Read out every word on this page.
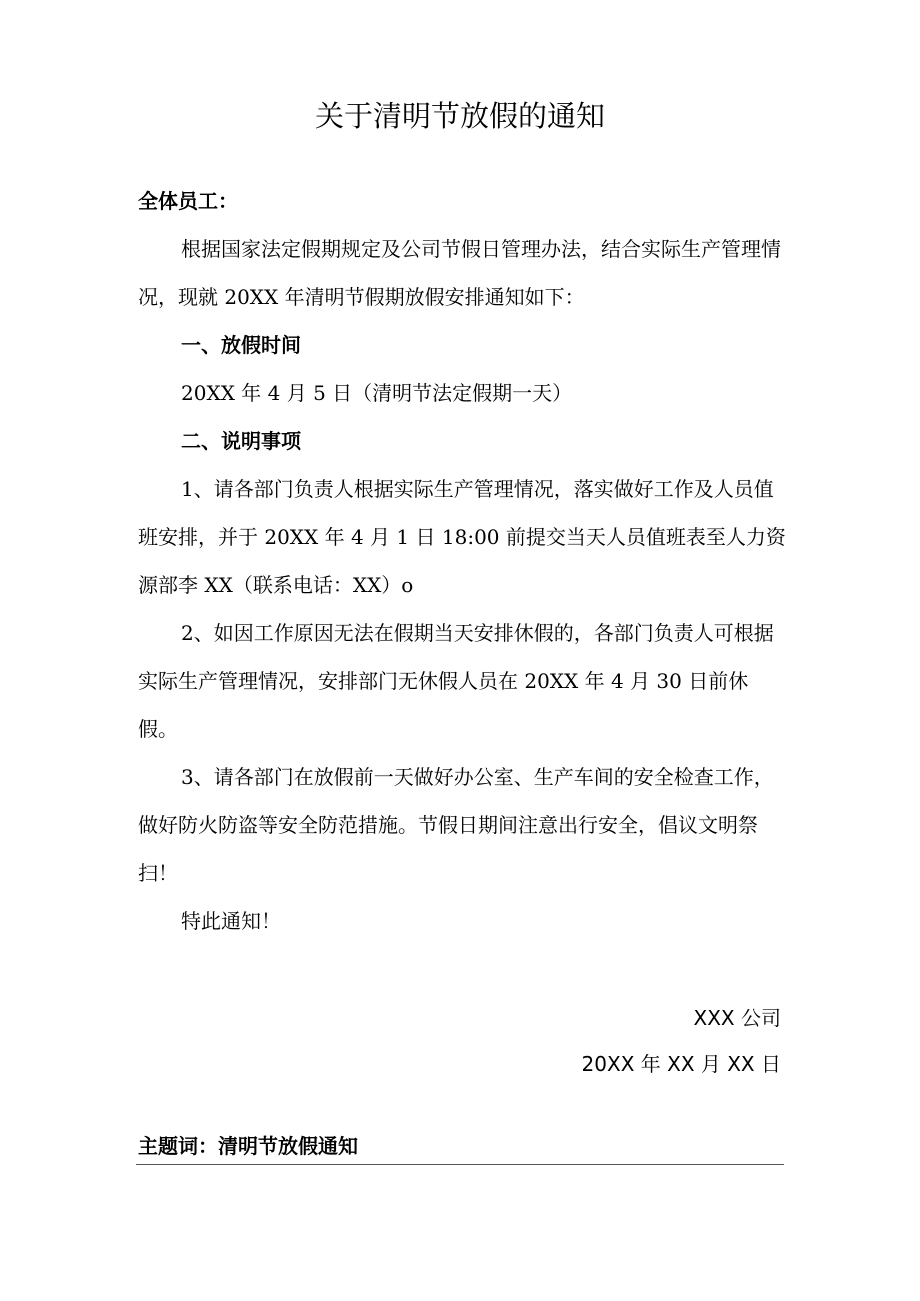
关于清明节放假的通知

全体员工：

根据国家法定假期规定及公司节假日管理办法，结合实际生产管理情况，现就 20XX 年清明节假期放假安排通知如下：

一、放假时间

20XX 年 4 月 5 日（清明节法定假期一天）

二、说明事项

1、请各部门负责人根据实际生产管理情况，落实做好工作及人员值班安排，并于 20XX 年 4 月 1 日 18:00 前提交当天人员值班表至人力资源部李 XX（联系电话：XX）o

2、如因工作原因无法在假期当天安排休假的，各部门负责人可根据实际生产管理情况，安排部门无休假人员在 20XX 年 4 月 30 日前休假。

3、请各部门在放假前一天做好办公室、生产车间的安全检查工作，做好防火防盗等安全防范措施。节假日期间注意出行安全，倡议文明祭扫！

特此通知！

XXX 公司
20XX 年 XX 月 XX 日
主题词：清明节放假通知
